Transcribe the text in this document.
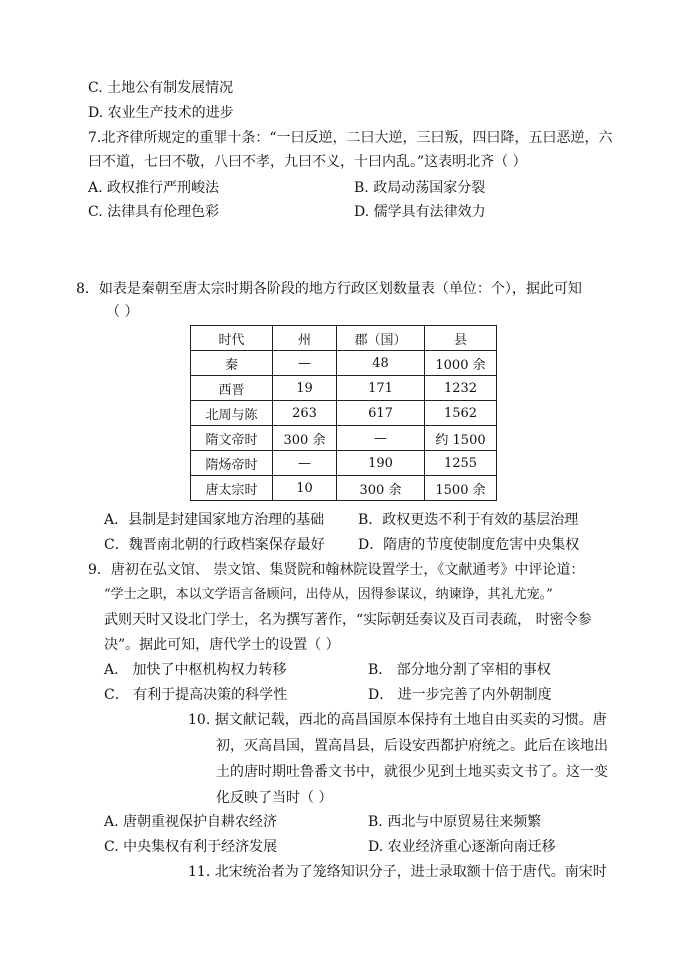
C. 土地公有制发展情况
D. 农业生产技术的进步
7.北齐律所规定的重罪十条：“一曰反逆，二曰大逆，三曰叛，四曰降，五曰恶逆，六
曰不道，七曰不敬，八曰不孝，九曰不义，十曰内乱。”这表明北齐（ ）
A. 政权推行严刑峻法	B. 政局动荡国家分裂
C. 法律具有伦理色彩	D. 儒学具有法律效力
8．如表是秦朝至唐太宗时期各阶段的地方行政区划数量表（单位：个），据此可知
（ ）
时代	州	郡（国）	县
秦	—	48	1000 余
西晋	19	171	1232
北周与陈	263	617	1562
隋文帝时	300 余	—	约 1500
隋炀帝时	—	190	1255
唐太宗时	10	300 余	1500 余
A．县制是封建国家地方治理的基础	B．政权更迭不利于有效的基层治理
C．魏晋南北朝的行政档案保存最好	D．隋唐的节度使制度危害中央集权
9．唐初在弘文馆、 崇文馆、集贤院和翰林院设置学士，《文献通考》中评论道：
“学士之职，本以文学语言备顾问，出侍从，因得参谋议，纳谏诤，其礼尤宠。”
武则天时又设北门学士，名为撰写著作，“实际朝廷奏议及百司表疏， 时密令参
决”。据此可知，唐代学士的设置（ ）
A． 加快了中枢机构权力转移	B． 部分地分割了宰相的事权
C． 有利于提高决策的科学性	D． 进一步完善了内外朝制度
10. 据文献记载，西北的高昌国原本保持有土地自由买卖的习惯。唐
初，灭高昌国，置高昌县，后设安西都护府统之。此后在该地出
土的唐时期吐鲁番文书中，就很少见到土地买卖文书了。这一变
化反映了当时（ ）
A. 唐朝重视保护自耕农经济	B. 西北与中原贸易往来频繁
C. 中央集权有利于经济发展	D. 农业经济重心逐渐向南迁移
11. 北宋统治者为了笼络知识分子，进士录取额十倍于唐代。南宋时
